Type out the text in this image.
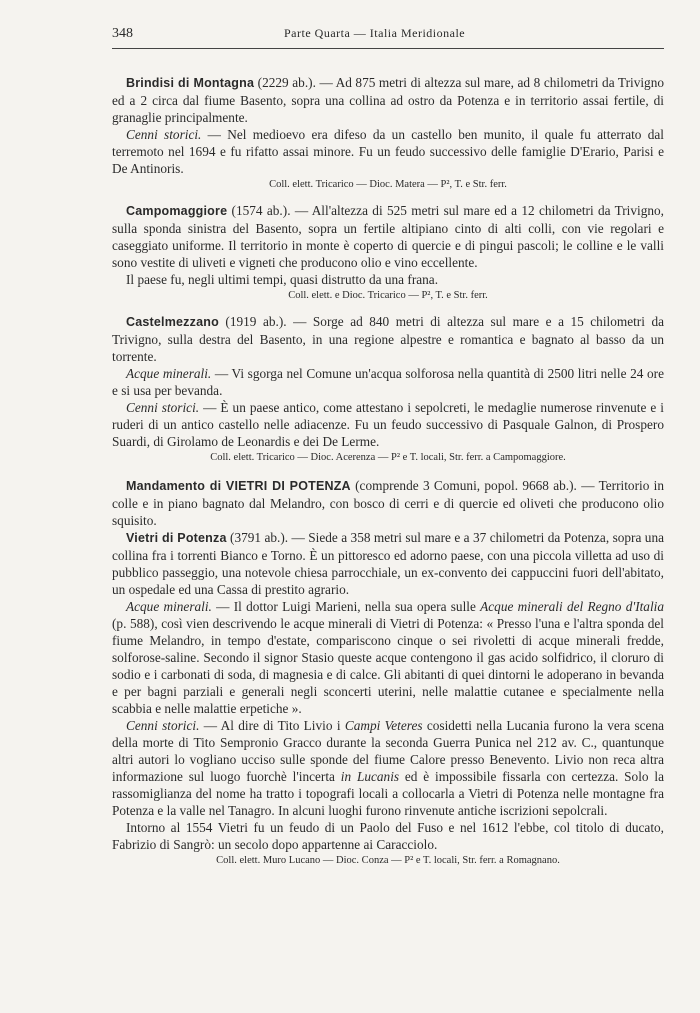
348	Parte Quarta — Italia Meridionale

Brindisi di Montagna (2229 ab.). — Ad 875 metri di altezza sul mare, ad 8 chilometri da Trivigno ed a 2 circa dal fiume Basento, sopra una collina ad ostro da Potenza e in territorio assai fertile, di granaglie principalmente.

Cenni storici. — Nel medioevo era difeso da un castello ben munito, il quale fu atterrato dal terremoto nel 1694 e fu rifatto assai minore. Fu un feudo successivo delle famiglie D'Erario, Parisi e De Antinoris.

Coll. elett. Tricarico — Dioc. Matera — P², T. e Str. ferr.

Campomaggiore (1574 ab.). — All'altezza di 525 metri sul mare ed a 12 chilometri da Trivigno, sulla sponda sinistra del Basento, sopra un fertile altipiano cinto di alti colli, con vie regolari e caseggiato uniforme. Il territorio in monte è coperto di quercie e di pingui pascoli; le colline e le valli sono vestite di uliveti e vigneti che producono olio e vino eccellente.

Il paese fu, negli ultimi tempi, quasi distrutto da una frana.

Coll. elett. e Dioc. Tricarico — P², T. e Str. ferr.

Castelmezzano (1919 ab.). — Sorge ad 840 metri di altezza sul mare e a 15 chilometri da Trivigno, sulla destra del Basento, in una regione alpestre e romantica e bagnato al basso da un torrente.

Acque minerali. — Vi sgorga nel Comune un'acqua solforosa nella quantità di 2500 litri nelle 24 ore e si usa per bevanda.

Cenni storici. — È un paese antico, come attestano i sepolcreti, le medaglie numerose rinvenute e i ruderi di un antico castello nelle adiacenze. Fu un feudo successivo di Pasquale Galnon, di Prospero Suardi, di Girolamo de Leonardis e dei De Lerme.

Coll. elett. Tricarico — Dioc. Acerenza — P² e T. locali, Str. ferr. a Campomaggiore.

Mandamento di VIETRI DI POTENZA (comprende 3 Comuni, popol. 9668 ab.). — Territorio in colle e in piano bagnato dal Melandro, con bosco di cerri e di quercie ed oliveti che producono olio squisito.

Vietri di Potenza (3791 ab.). — Siede a 358 metri sul mare e a 37 chilometri da Potenza, sopra una collina fra i torrenti Bianco e Torno. È un pittoresco ed adorno paese, con una piccola villetta ad uso di pubblico passeggio, una notevole chiesa parrocchiale, un ex-convento dei cappuccini fuori dell'abitato, un ospedale ed una Cassa di prestito agrario.

Acque minerali. — Il dottor Luigi Marieni, nella sua opera sulle Acque minerali del Regno d'Italia (p. 588), così vien descrivendo le acque minerali di Vietri di Potenza: « Presso l'una e l'altra sponda del fiume Melandro, in tempo d'estate, compariscono cinque o sei rivoletti di acque minerali fredde, solforose-saline. Secondo il signor Stasio queste acque contengono il gas acido solfidrico, il cloruro di sodio e i carbonati di soda, di magnesia e di calce. Gli abitanti di quei dintorni le adoperano in bevanda e per bagni parziali e generali negli sconcerti uterini, nelle malattie cutanee e specialmente nella scabbia e nelle malattie erpetiche ».

Cenni storici. — Al dire di Tito Livio i Campi Veteres cosidetti nella Lucania furono la vera scena della morte di Tito Sempronio Gracco durante la seconda Guerra Punica nel 212 av. C., quantunque altri autori lo vogliano ucciso sulle sponde del fiume Calore presso Benevento. Livio non reca altra informazione sul luogo fuorchè l'incerta in Lucanis ed è impossibile fissarla con certezza. Solo la rassomiglianza del nome ha tratto i topografi locali a collocarla a Vietri di Potenza nelle montagne fra Potenza e la valle nel Tanagro. In alcuni luoghi furono rinvenute antiche iscrizioni sepolcrali.

Intorno al 1554 Vietri fu un feudo di un Paolo del Fuso e nel 1612 l'ebbe, col titolo di ducato, Fabrizio di Sangrò: un secolo dopo appartenne ai Caracciolo.

Coll. elett. Muro Lucano — Dioc. Conza — P² e T. locali, Str. ferr. a Romagnano.
